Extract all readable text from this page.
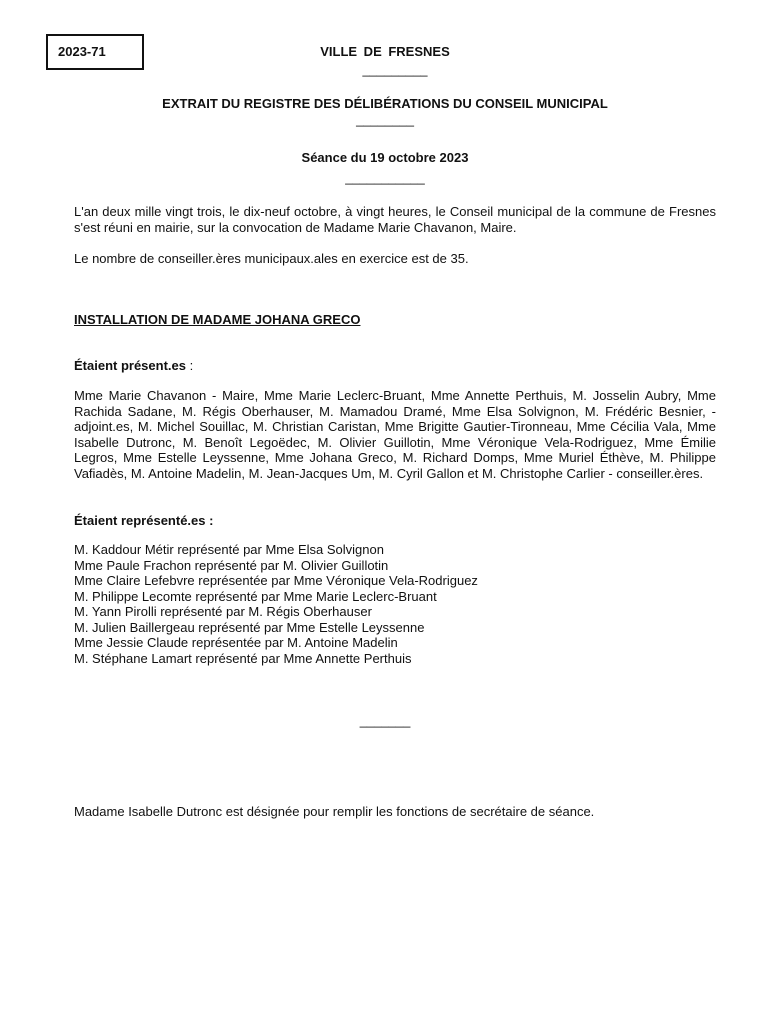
2023-71	VILLE DE FRESNES
_________
EXTRAIT DU REGISTRE DES DÉLIBÉRATIONS DU CONSEIL MUNICIPAL
________
Séance du 19 octobre 2023
___________

L'an deux mille vingt trois, le dix-neuf octobre, à vingt heures, le Conseil municipal de la commune de Fresnes s'est réuni en mairie, sur la convocation de Madame Marie Chavanon, Maire.

Le nombre de conseiller.ères municipaux.ales en exercice est de 35.

INSTALLATION DE MADAME JOHANA GRECO
Étaient présent.es :

Mme Marie Chavanon - Maire, Mme Marie Leclerc-Bruant, Mme Annette Perthuis, M. Josselin Aubry, Mme Rachida Sadane, M. Régis Oberhauser, M. Mamadou Dramé, Mme Elsa Solvignon, M. Frédéric Besnier, - adjoint.es, M. Michel Souillac, M. Christian Caristan, Mme Brigitte Gautier-Tironneau, Mme Cécilia Vala, Mme Isabelle Dutronc, M. Benoît Legoëdec, M. Olivier Guillotin, Mme Véronique Vela-Rodriguez, Mme Émilie Legros, Mme Estelle Leyssenne, Mme Johana Greco, M. Richard Domps, Mme Muriel Éthève, M. Philippe Vafiadès, M. Antoine Madelin, M. Jean-Jacques Um, M. Cyril Gallon et M. Christophe Carlier - conseiller.ères.

Étaient représenté.es :
M. Kaddour Métir représenté par Mme Elsa Solvignon
Mme Paule Frachon représenté par M. Olivier Guillotin
Mme Claire Lefebvre représentée par Mme Véronique Vela-Rodriguez
M. Philippe Lecomte représenté par Mme Marie Leclerc-Bruant
M. Yann Pirolli représenté par M. Régis Oberhauser
M. Julien Baillergeau représenté par Mme Estelle Leyssenne
Mme Jessie Claude représentée par M. Antoine Madelin
M. Stéphane Lamart représenté par Mme Annette Perthuis
_______

Madame Isabelle Dutronc est désignée pour remplir les fonctions de secrétaire de séance.
